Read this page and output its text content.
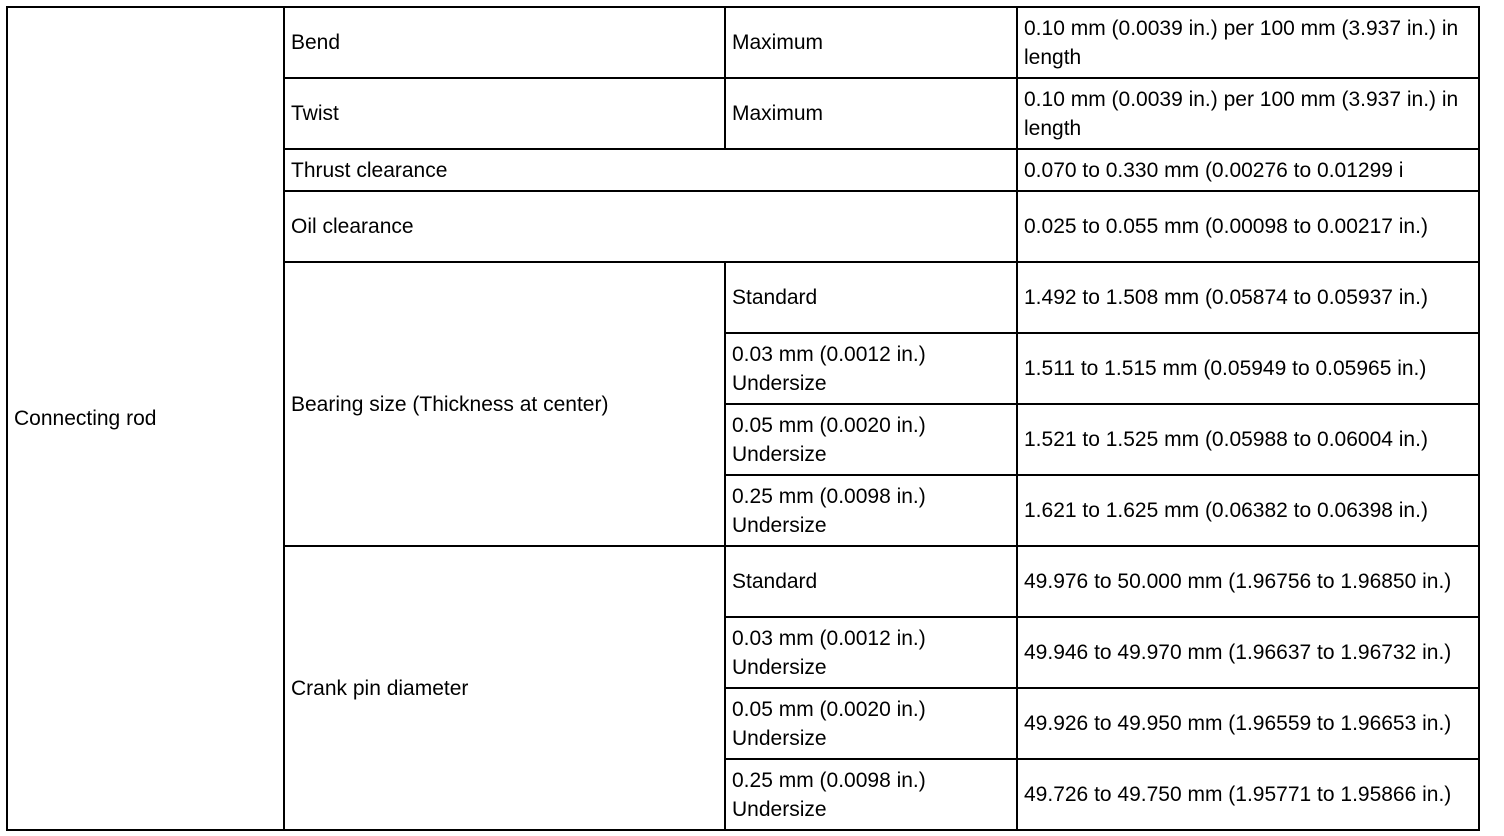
Connecting rod	Bend	Maximum	0.10 mm (0.0039 in.) per 100 mm (3.937 in.) in length
	Twist	Maximum	0.10 mm (0.0039 in.) per 100 mm (3.937 in.) in length
	Thrust clearance		0.070 to 0.330 mm (0.00276 to 0.01299 i
	Oil clearance		0.025 to 0.055 mm (0.00098 to 0.00217 in.)
	Bearing size (Thickness at center)	Standard	1.492 to 1.508 mm (0.05874 to 0.05937 in.)
		0.03 mm (0.0012 in.) Undersize	1.511 to 1.515 mm (0.05949 to 0.05965 in.)
		0.05 mm (0.0020 in.) Undersize	1.521 to 1.525 mm (0.05988 to 0.06004 in.)
		0.25 mm (0.0098 in.) Undersize	1.621 to 1.625 mm (0.06382 to 0.06398 in.)
	Crank pin diameter	Standard	49.976 to 50.000 mm (1.96756 to 1.96850 in.)
		0.03 mm (0.0012 in.) Undersize	49.946 to 49.970 mm (1.96637 to 1.96732 in.)
		0.05 mm (0.0020 in.) Undersize	49.926 to 49.950 mm (1.96559 to 1.96653 in.)
		0.25 mm (0.0098 in.) Undersize	49.726 to 49.750 mm (1.95771 to 1.95866 in.)
